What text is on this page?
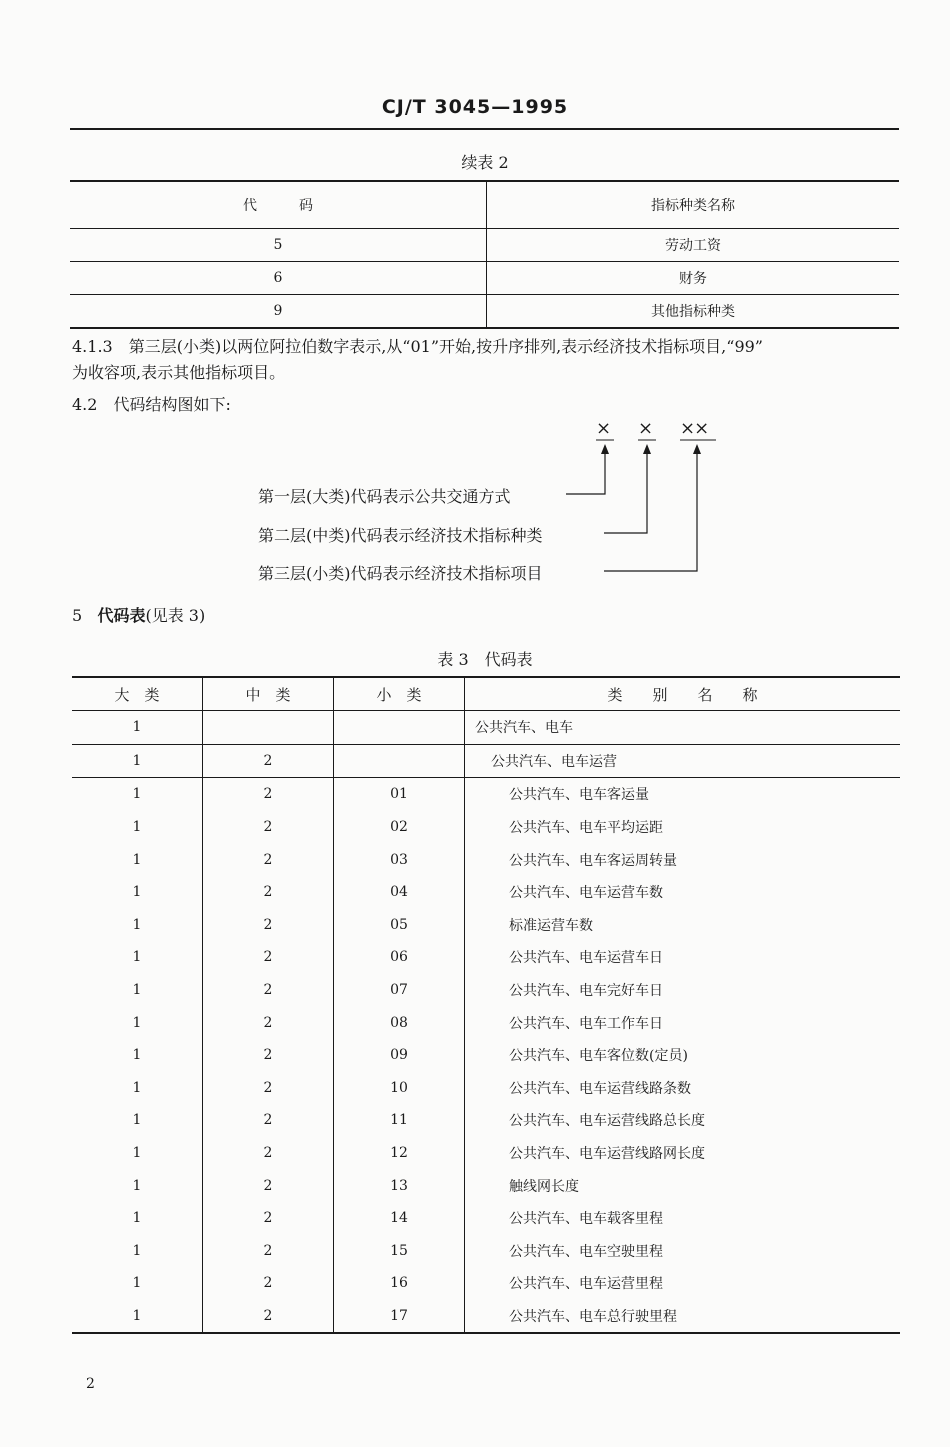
CJ/T 3045—1995
续表 2
代　　　码	指标种类名称
5	劳动工资
6	财务
9	其他指标种类
4.1.3　第三层(小类)以两位阿拉伯数字表示,从“01”开始,按升序排列,表示经济技术指标项目,“99”
为收容项,表示其他指标项目。
4.2　代码结构图如下:
× × ××
第一层(大类)代码表示公共交通方式
第二层(中类)代码表示经济技术指标种类
第三层(小类)代码表示经济技术指标项目
5 代码表(见表 3)
表 3　代码表
大　类	中　类	小　类	类　　别　　名　　称
1			公共汽车、电车
1	2		公共汽车、电车运营
1	2	01	公共汽车、电车客运量
1	2	02	公共汽车、电车平均运距
1	2	03	公共汽车、电车客运周转量
1	2	04	公共汽车、电车运营车数
1	2	05	标准运营车数
1	2	06	公共汽车、电车运营车日
1	2	07	公共汽车、电车完好车日
1	2	08	公共汽车、电车工作车日
1	2	09	公共汽车、电车客位数(定员)
1	2	10	公共汽车、电车运营线路条数
1	2	11	公共汽车、电车运营线路总长度
1	2	12	公共汽车、电车运营线路网长度
1	2	13	触线网长度
1	2	14	公共汽车、电车载客里程
1	2	15	公共汽车、电车空驶里程
1	2	16	公共汽车、电车运营里程
1	2	17	公共汽车、电车总行驶里程
2
